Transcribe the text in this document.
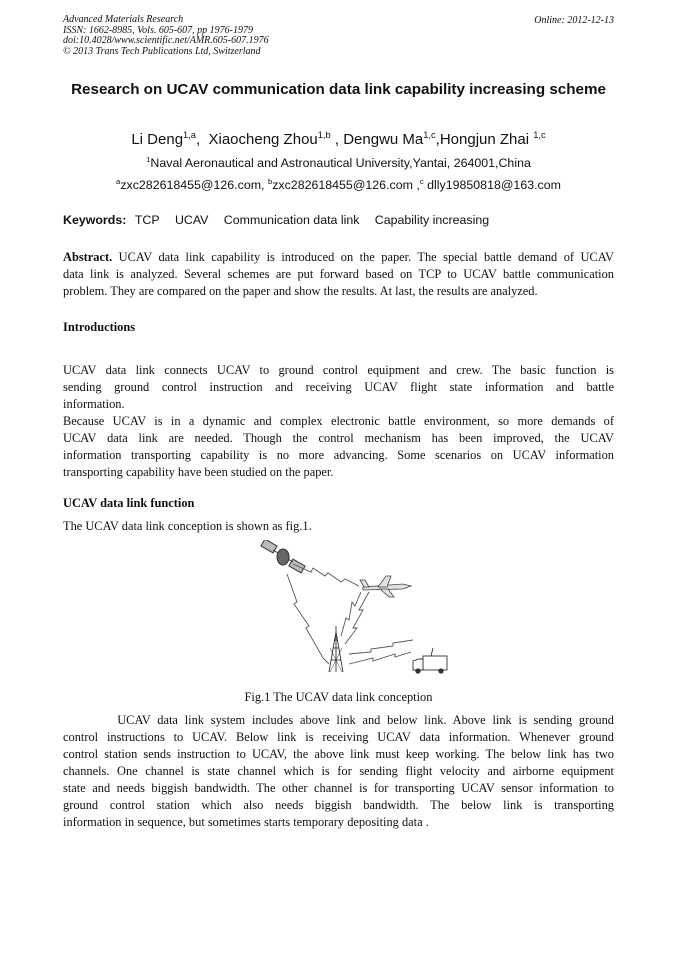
Advanced Materials Research
ISSN: 1662-8985, Vols. 605-607, pp 1976-1979
doi:10.4028/www.scientific.net/AMR.605-607.1976
© 2013 Trans Tech Publications Ltd, Switzerland
Online: 2012-12-13
Research on UCAV communication data link capability increasing scheme
Li Deng$^{1,a}$,  Xiaocheng Zhou$^{1,b}$ , Dengwu Ma$^{1,c}$,Hongjun Zhai $^{1,c}$
$^1$Naval Aeronautical and Astronautical University,Yantai, 264001,China
$^a$zxc282618455@126.com, $^b$zxc282618455@126.com ,$^c$ dlly19850818@163.com
Keywords: TCP UCAV Communication data link Capability increasing
Abstract. UCAV data link capability is introduced on the paper. The special battle demand of UCAV
data link is analyzed. Several schemes are put forward based on TCP to UCAV battle communication
problem. They are compared on the paper and show the results. At last, the results are analyzed.
Introductions
UCAV data link connects UCAV to ground control equipment and crew. The basic function is
sending ground control instruction and receiving UCAV flight state information and battle
information.
Because UCAV is in a dynamic and complex electronic battle environment, so more demands of
UCAV data link are needed. Though the control mechanism has been improved, the UCAV
information transporting capability is no more advancing. Some scenarios on UCAV information
transporting capability have been studied on the paper.
UCAV data link function
The UCAV data link conception is shown as fig.1.
Fig.1 The UCAV data link conception
UCAV data link system includes above link and below link. Above link is sending ground
control instructions to UCAV. Below link is receiving UCAV data information. Whenever ground
control station sends instruction to UCAV, the above link must keep working. The below link has two
channels. One channel is state channel which is for sending flight velocity and airborne equipment
state and needs biggish bandwidth. The other channel is for transporting UCAV sensor information to
ground control station which also needs biggish bandwidth. The below link is transporting
information in sequence, but sometimes starts temporary depositing data .
